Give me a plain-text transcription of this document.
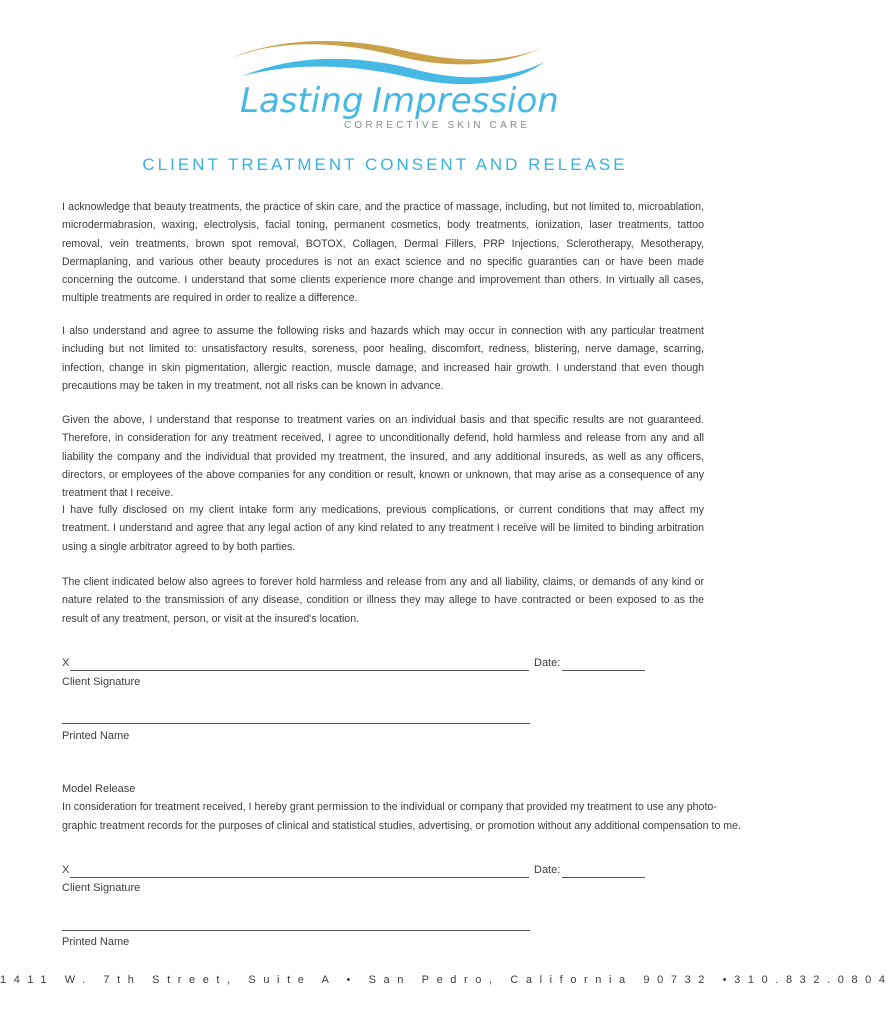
Lasting Impression
CORRECTIVE SKIN CARE
CLIENT TREATMENT CONSENT AND RELEASE

I acknowledge that beauty treatments, the practice of skin care, and the practice of massage, including, but not limited to, microablation, microdermabrasion, waxing, electrolysis, facial toning, permanent cosmetics, body treatments, ionization, laser treatments, tattoo removal, vein treatments, brown spot removal, BOTOX, Collagen, Dermal Fillers, PRP Injections, Sclerotherapy, Mesotherapy, Dermaplaning, and various other beauty procedures is not an exact science and no specific guaranties can or have been made concerning the outcome. I understand that some clients experience more change and improvement than others. In virtually all cases, multiple treatments are required in order to realize a difference.

I also understand and agree to assume the following risks and hazards which may occur in connection with any particular treatment including but not limited to: unsatisfactory results, soreness, poor healing, discomfort, redness, blistering, nerve damage, scarring, infection, change in skin pigmentation, allergic reaction, muscle damage, and increased hair growth. I understand that even though precautions may be taken in my treatment, not all risks can be known in advance.

Given the above, I understand that response to treatment varies on an individual basis and that specific results are not guaranteed. Therefore, in consideration for any treatment received, I agree to unconditionally defend, hold harmless and release from any and all liability the company and the individual that provided my treatment, the insured, and any additional insureds, as well as any officers, directors, or employees of the above companies for any condition or result, known or unknown, that may arise as a consequence of any treatment that I receive.

I have fully disclosed on my client intake form any medications, previous complications, or current conditions that may affect my treatment. I understand and agree that any legal action of any kind related to any treatment I receive will be limited to binding arbitration using a single arbitrator agreed to by both parties.

The client indicated below also agrees to forever hold harmless and release from any and all liability, claims, or demands of any kind or nature related to the transmission of any disease, condition or illness they may allege to have contracted or been exposed to as the result of any treatment, person, or visit at the insured's location.

X	Date:
Client Signature
Printed Name
Model Release
In consideration for treatment received, I hereby grant permission to the individual or company that provided my treatment to use any photo-
graphic treatment records for the purposes of clinical and statistical studies, advertising, or promotion without any additional compensation to me.
X	Date:
Client Signature
Printed Name
1411 W. 7th Street, Suite A • San Pedro, California 90732 •310.832.0804
